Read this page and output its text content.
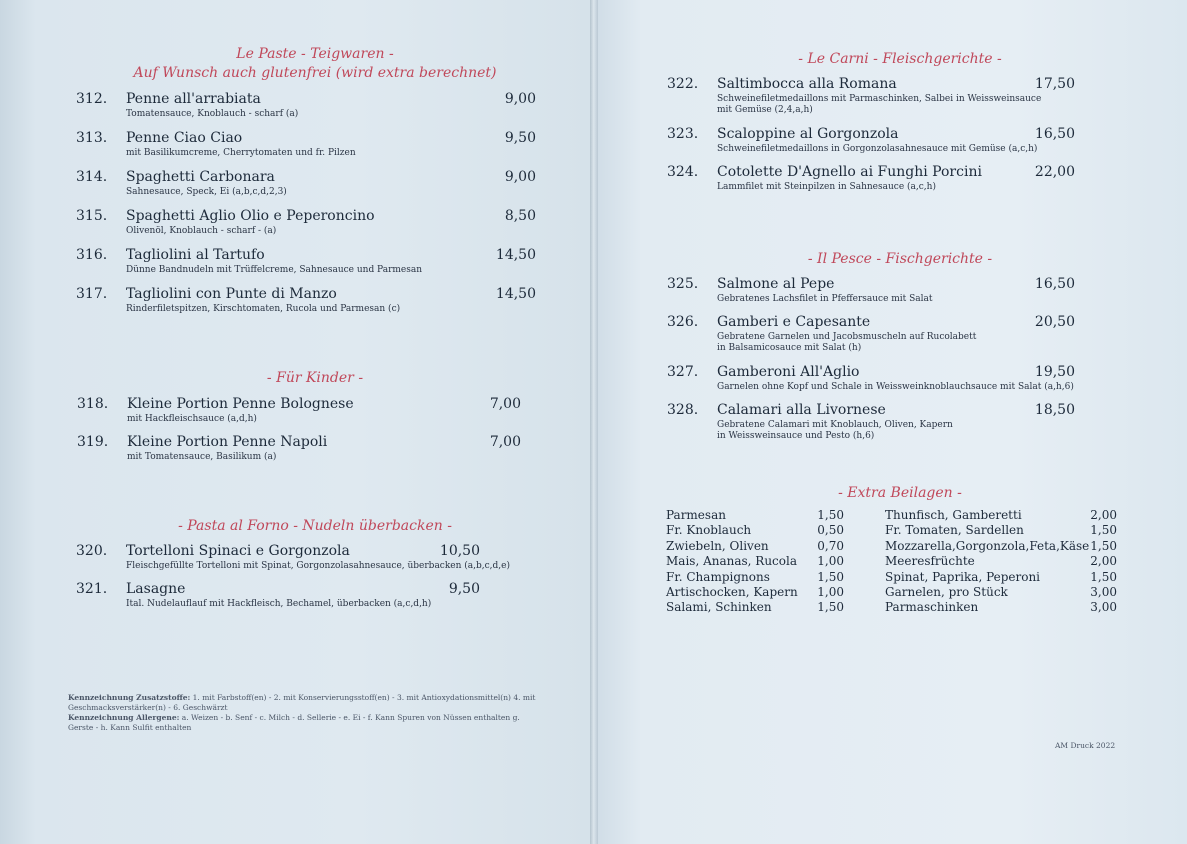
Le Paste - Teigwaren -
Auf Wunsch auch glutenfrei (wird extra berechnet)
312.	Penne all'arrabiata
Tomatensauce, Knoblauch - scharf (a)
9,00
313.	Penne Ciao Ciao
mit Basilikumcreme, Cherrytomaten und fr. Pilzen
9,50
314.	Spaghetti Carbonara
Sahnesauce, Speck, Ei (a,b,c,d,2,3)
9,00
315.	Spaghetti Aglio Olio e Peperoncino
Olivenöl, Knoblauch - scharf - (a)
8,50
316.	Tagliolini al Tartufo
Dünne Bandnudeln mit Trüffelcreme, Sahnesauce und Parmesan
14,50
317.	Tagliolini con Punte di Manzo
Rinderfiletspitzen, Kirschtomaten, Rucola und Parmesan (c)
14,50
- Für Kinder -
318.	Kleine Portion Penne Bolognese
mit Hackfleischsauce (a,d,h)
7,00
319.	Kleine Portion Penne Napoli
mit Tomatensauce, Basilikum (a)
7,00
- Pasta al Forno - Nudeln überbacken -
320.	Tortelloni Spinaci e Gorgonzola
Fleischgefüllte Tortelloni mit Spinat, Gorgonzolasahnesauce, überbacken (a,b,c,d,e)
10,50
321.	Lasagne
Ital. Nudelauflauf mit Hackfleisch, Bechamel, überbacken (a,c,d,h)
9,50
Kennzeichnung Zusatzstoffe: 1. mit Farbstoff(en) - 2. mit Konservierungsstoff(en) - 3. mit Antioxydationsmittel(n) 4. mit Geschmacksverstärker(n) - 6. Geschwärzt
Kennzeichnung Allergene: a. Weizen - b. Senf - c. Milch - d. Sellerie - e. Ei - f. Kann Spuren von Nüssen enthalten g. Gerste - h. Kann Sulfit enthalten
- Le Carni - Fleischgerichte -
322.	Saltimbocca alla Romana
Schweinefiletmedaillons mit Parmaschinken, Salbei in Weissweinsauce
mit Gemüse (2,4,a,h)
17,50
323.	Scaloppine al Gorgonzola
Schweinefiletmedaillons in Gorgonzolasahnesauce mit Gemüse (a,c,h)
16,50
324.	Cotolette D'Agnello ai Funghi Porcini
Lammfilet mit Steinpilzen in Sahnesauce (a,c,h)
22,00
- Il Pesce - Fischgerichte -
325.	Salmone al Pepe
Gebratenes Lachsfilet in Pfeffersauce mit Salat
16,50
326.	Gamberi e Capesante
Gebratene Garnelen und Jacobsmuscheln auf Rucolabett
in Balsamicosauce mit Salat (h)
20,50
327.	Gamberoni All'Aglio
Garnelen ohne Kopf und Schale in Weissweinknoblauchsauce mit Salat (a,h,6)
19,50
328.	Calamari alla Livornese
Gebratene Calamari mit Knoblauch, Oliven, Kapern
in Weissweinsauce und Pesto (h,6)
18,50
- Extra Beilagen -
Parmesan	1,50
Fr. Knoblauch	0,50
Zwiebeln, Oliven	0,70
Mais, Ananas, Rucola	1,00
Fr. Champignons	1,50
Artischocken, Kapern	1,00
Salami, Schinken	1,50
Thunfisch, Gamberetti	2,00
Fr. Tomaten, Sardellen	1,50
Mozzarella,Gorgonzola,Feta,Käse 1,50
Meeresfrüchte	2,00
Spinat, Paprika, Peperoni	1,50
Garnelen, pro Stück	3,00
Parmaschinken	3,00
AM Druck 2022
